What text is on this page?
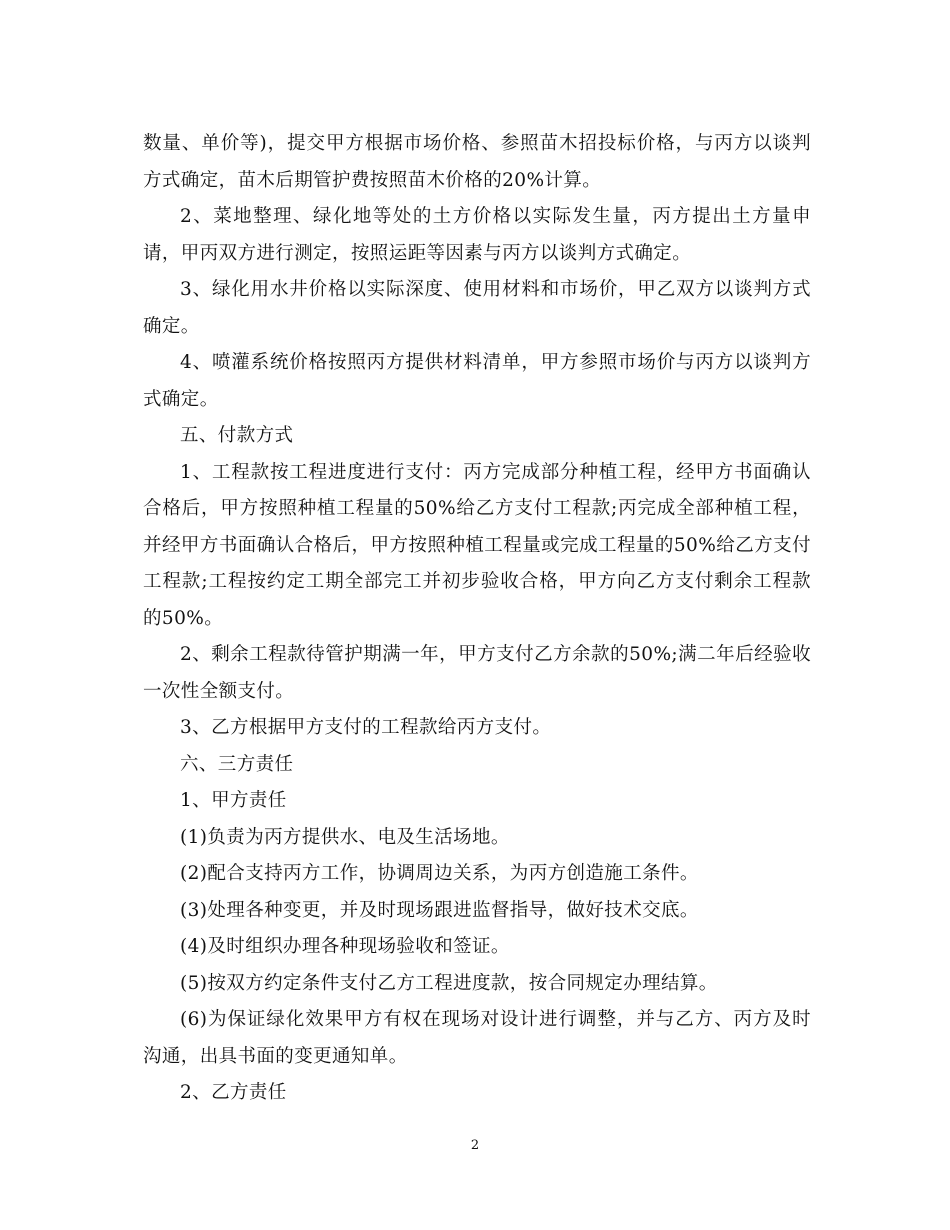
数量、单价等)，提交甲方根据市场价格、参照苗木招投标价格，与丙方以谈判方式确定，苗木后期管护费按照苗木价格的20%计算。

2、菜地整理、绿化地等处的土方价格以实际发生量，丙方提出土方量申请，甲丙双方进行测定，按照运距等因素与丙方以谈判方式确定。

3、绿化用水井价格以实际深度、使用材料和市场价，甲乙双方以谈判方式确定。

4、喷灌系统价格按照丙方提供材料清单，甲方参照市场价与丙方以谈判方式确定。

五、付款方式

1、工程款按工程进度进行支付：丙方完成部分种植工程，经甲方书面确认合格后，甲方按照种植工程量的50%给乙方支付工程款;丙完成全部种植工程，并经甲方书面确认合格后，甲方按照种植工程量或完成工程量的50%给乙方支付工程款;工程按约定工期全部完工并初步验收合格，甲方向乙方支付剩余工程款的50%。

2、剩余工程款待管护期满一年，甲方支付乙方余款的50%;满二年后经验收一次性全额支付。

3、乙方根据甲方支付的工程款给丙方支付。

六、三方责任

1、甲方责任

(1)负责为丙方提供水、电及生活场地。

(2)配合支持丙方工作，协调周边关系，为丙方创造施工条件。

(3)处理各种变更，并及时现场跟进监督指导，做好技术交底。

(4)及时组织办理各种现场验收和签证。

(5)按双方约定条件支付乙方工程进度款，按合同规定办理结算。

(6)为保证绿化效果甲方有权在现场对设计进行调整，并与乙方、丙方及时沟通，出具书面的变更通知单。

2、乙方责任

2
